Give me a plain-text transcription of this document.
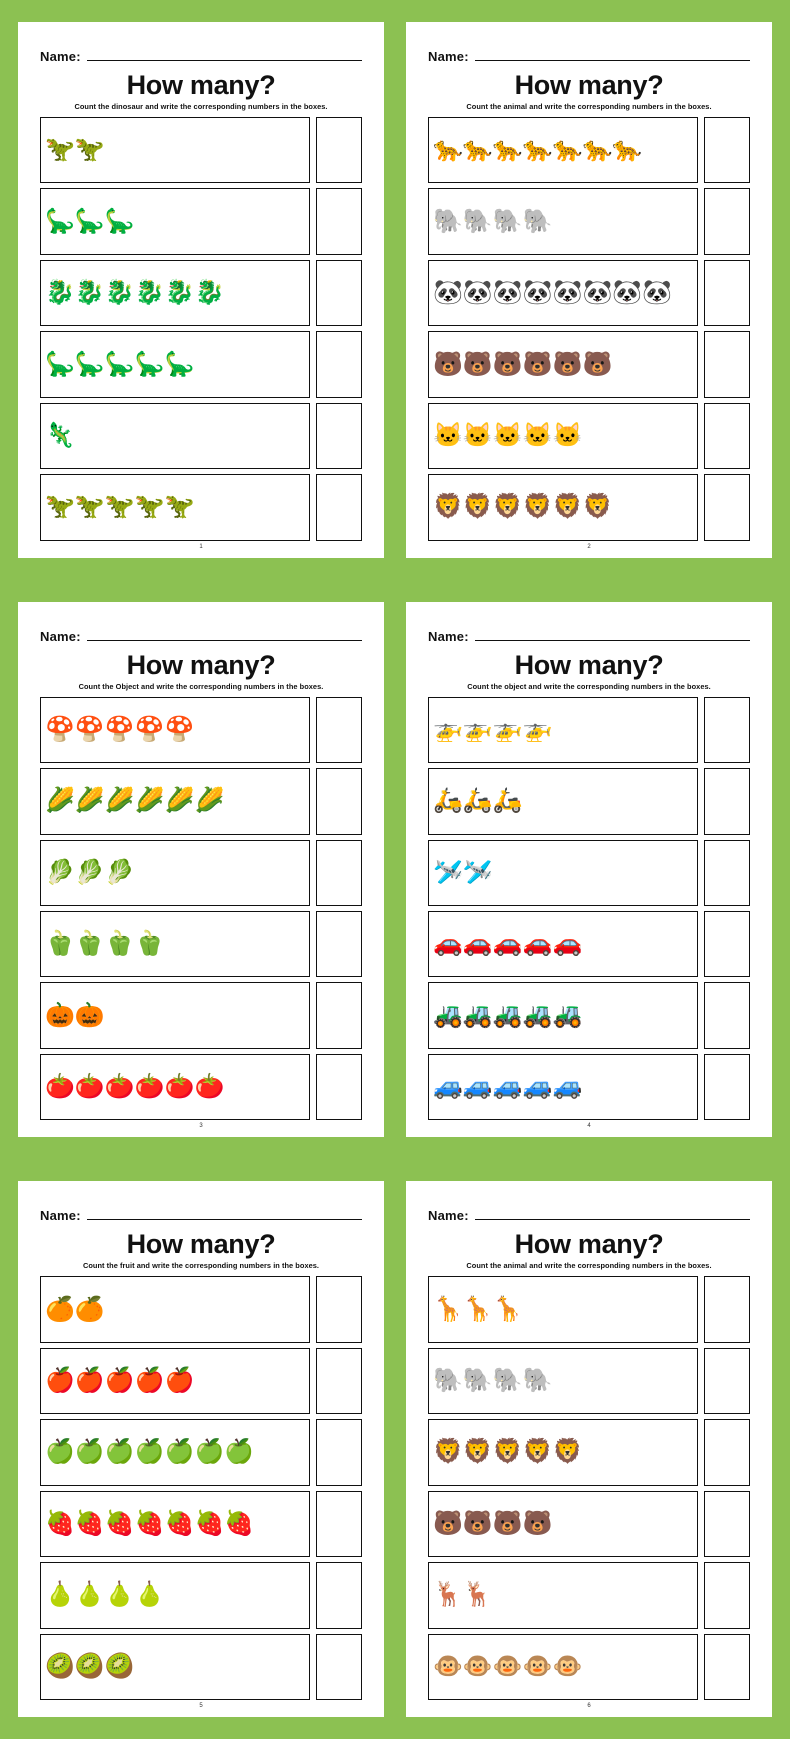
Name:
How many?
Count the dinosaur and write the corresponding numbers in the boxes.
🦖 🦖
🦕 🦕 🦕
🐉 🐉 🐉 🐉 🐉 🐉
🦕 🦕 🦕 🦕 🦕
🦎
🦖 🦖 🦖 🦖 🦖
1
Name:
How many?
Count the animal and write the corresponding numbers in the boxes.
🐆 🐆 🐆 🐆 🐆 🐆 🐆
🐘 🐘 🐘 🐘
🐼 🐼 🐼 🐼 🐼 🐼 🐼 🐼
🐻 🐻 🐻 🐻 🐻 🐻
🐱 🐱 🐱 🐱 🐱
🦁 🦁 🦁 🦁 🦁 🦁
2
Name:
How many?
Count the Object and write the corresponding numbers in the boxes.
🍄 🍄 🍄 🍄 🍄
🌽 🌽 🌽 🌽 🌽 🌽
🥬 🥬 🥬
🫑 🫑 🫑 🫑
🎃 🎃
🍅 🍅 🍅 🍅 🍅 🍅
3
Name:
How many?
Count the object and write the corresponding numbers in the boxes.
🚁 🚁 🚁 🚁
🛵 🛵 🛵
🛩️ 🛩️
🚗 🚗 🚗 🚗 🚗
🚜 🚜 🚜 🚜 🚜
🚙 🚙 🚙 🚙 🚙
4
Name:
How many?
Count the fruit and write the corresponding numbers in the boxes.
🍊 🍊
🍎 🍎 🍎 🍎 🍎
🍏 🍏 🍏 🍏 🍏 🍏 🍏
🍓 🍓 🍓 🍓 🍓 🍓 🍓
🍐 🍐 🍐 🍐
🥝 🥝 🥝
5
Name:
How many?
Count the animal and write the corresponding numbers in the boxes.
🦒 🦒 🦒
🐘 🐘 🐘 🐘
🦁 🦁 🦁 🦁 🦁
🐻 🐻 🐻 🐻
🦌 🦌
🐵 🐵 🐵 🐵 🐵
6
